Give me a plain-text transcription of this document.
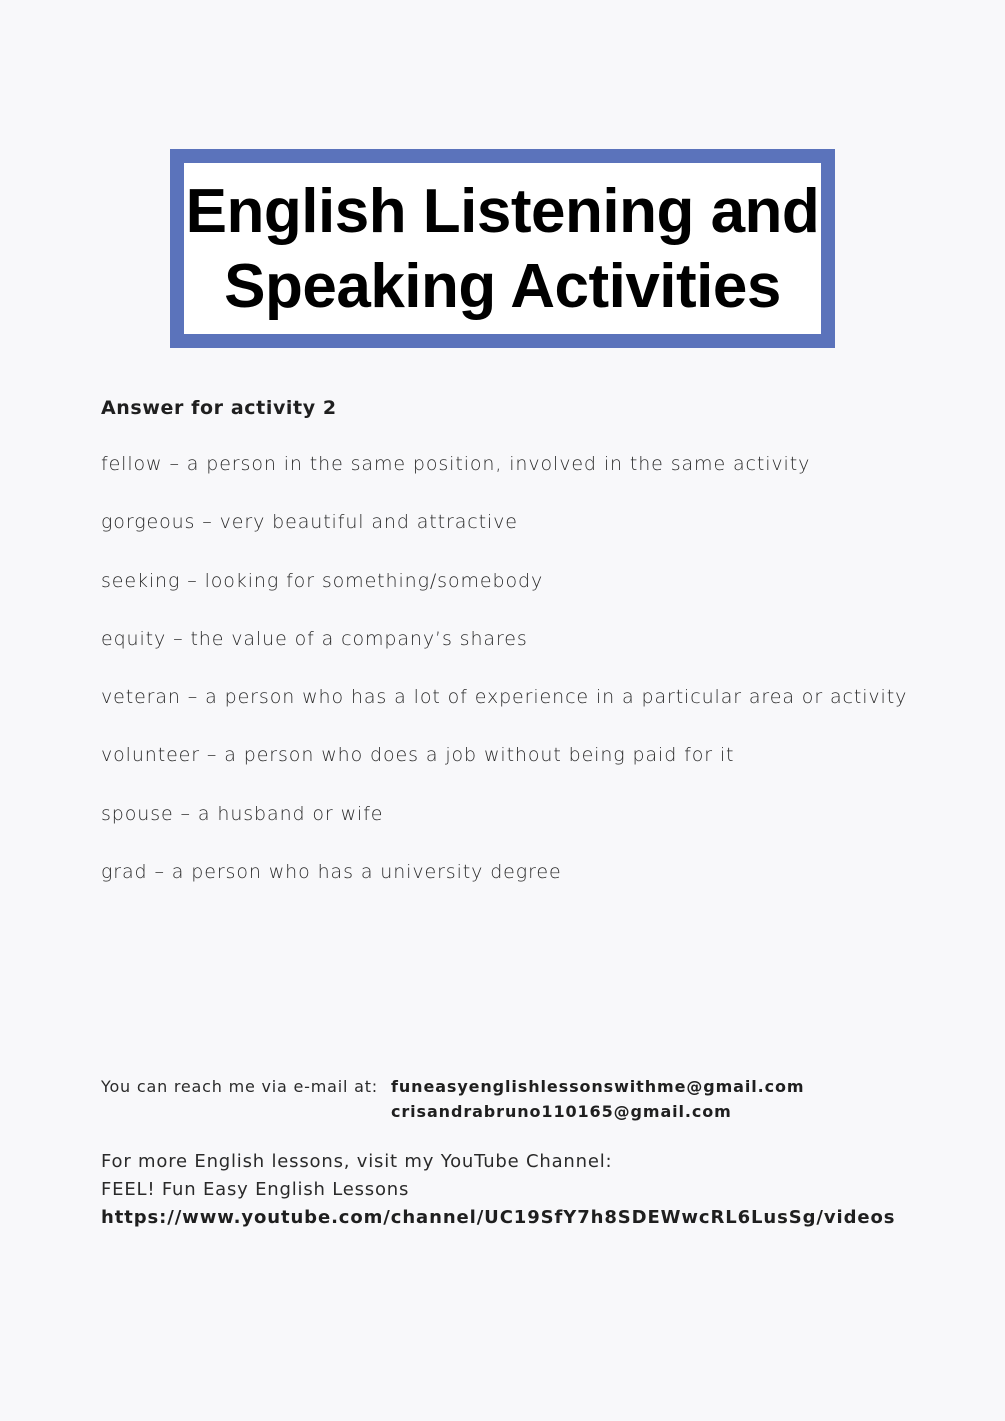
English Listening and
Speaking Activities
Answer for activity 2
fellow – a person in the same position, involved in the same activity
gorgeous – very beautiful and attractive
seeking – looking for something/somebody
equity – the value of a company’s shares
veteran – a person who has a lot of experience in a particular area or activity
volunteer – a person who does a job without being paid for it
spouse – a husband or wife
grad – a person who has a university degree
You can reach me via e-mail at: funeasyenglishlessonswithme@gmail.com
crisandrabruno110165@gmail.com
For more English lessons, visit my YouTube Channel:
FEEL! Fun Easy English Lessons
https://www.youtube.com/channel/UC19SfY7h8SDEWwcRL6LusSg/videos
